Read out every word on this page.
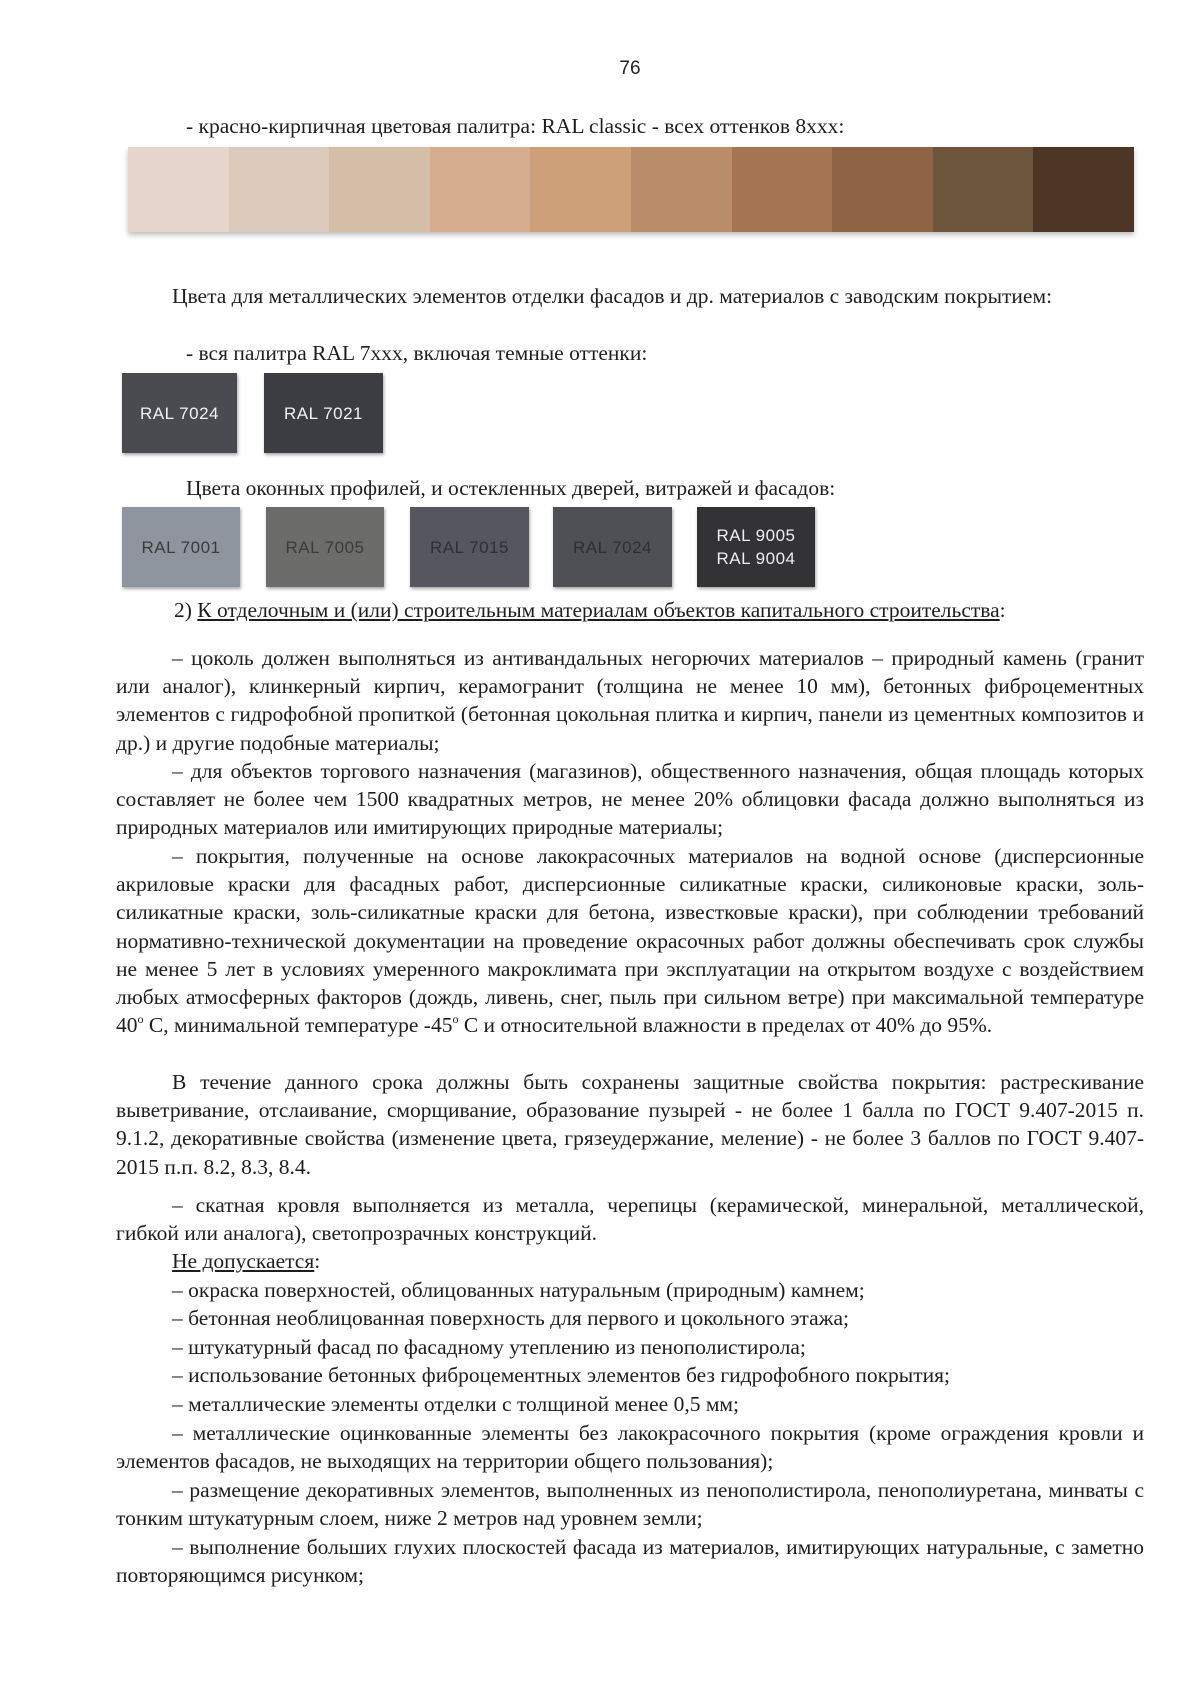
76
- красно-кирпичная цветовая палитра: RAL classic - всех оттенков 8xxx:
Цвета для металлических элементов отделки фасадов и др. материалов с заводским покрытием:
- вся палитра RAL 7xxx, включая темные оттенки:
RAL 7024	RAL 7021
Цвета оконных профилей, и остекленных дверей, витражей и фасадов:
RAL 7001	RAL 7005	RAL 7015	RAL 7024
RAL 9005
RAL 9004
2) К отделочным и (или) строительным материалам объектов капитального строительства:
– цоколь должен выполняться из антивандальных негорючих материалов – природный камень (гранит или аналог), клинкерный кирпич, керамогранит (толщина не менее 10 мм), бетонных фиброцементных элементов с гидрофобной пропиткой (бетонная цокольная плитка и кирпич, панели из цементных композитов и др.) и другие подобные материалы;
– для объектов торгового назначения (магазинов), общественного назначения, общая площадь которых составляет не более чем 1500 квадратных метров, не менее 20% облицовки фасада должно выполняться из природных материалов или имитирующих природные материалы;
– покрытия, полученные на основе лакокрасочных материалов на водной основе (дисперсионные акриловые краски для фасадных работ, дисперсионные силикатные краски, силиконовые краски, золь-силикатные краски, золь-силикатные краски для бетона, известковые краски), при соблюдении требований нормативно-технической документации на проведение окрасочных работ должны обеспечивать срок службы не менее 5 лет в условиях умеренного макроклимата при эксплуатации на открытом воздухе с воздействием любых атмосферных факторов (дождь, ливень, снег, пыль при сильном ветре) при максимальной температуре 40$^o$ С, минимальной температуре -45$^o$ С и относительной влажности в пределах от 40% до 95%.
В течение данного срока должны быть сохранены защитные свойства покрытия: растрескивание выветривание, отслаивание, сморщивание, образование пузырей - не более 1 балла по ГОСТ 9.407-2015 п. 9.1.2, декоративные свойства (изменение цвета, грязеудержание, меление) - не более 3 баллов по ГОСТ 9.407-2015 п.п. 8.2, 8.3, 8.4.
– скатная кровля выполняется из металла, черепицы (керамической, минеральной, металлической, гибкой или аналога), светопрозрачных конструкций.
Не допускается:
– окраска поверхностей, облицованных натуральным (природным) камнем;
– бетонная необлицованная поверхность для первого и цокольного этажа;
– штукатурный фасад по фасадному утеплению из пенополистирола;
– использование бетонных фиброцементных элементов без гидрофобного покрытия;
– металлические элементы отделки с толщиной менее 0,5 мм;
– металлические оцинкованные элементы без лакокрасочного покрытия (кроме ограждения кровли и элементов фасадов, не выходящих на территории общего пользования);
– размещение декоративных элементов, выполненных из пенополистирола, пенополиуретана, минваты с тонким штукатурным слоем, ниже 2 метров над уровнем земли;
– выполнение больших глухих плоскостей фасада из материалов, имитирующих натуральные, с заметно повторяющимся рисунком;
